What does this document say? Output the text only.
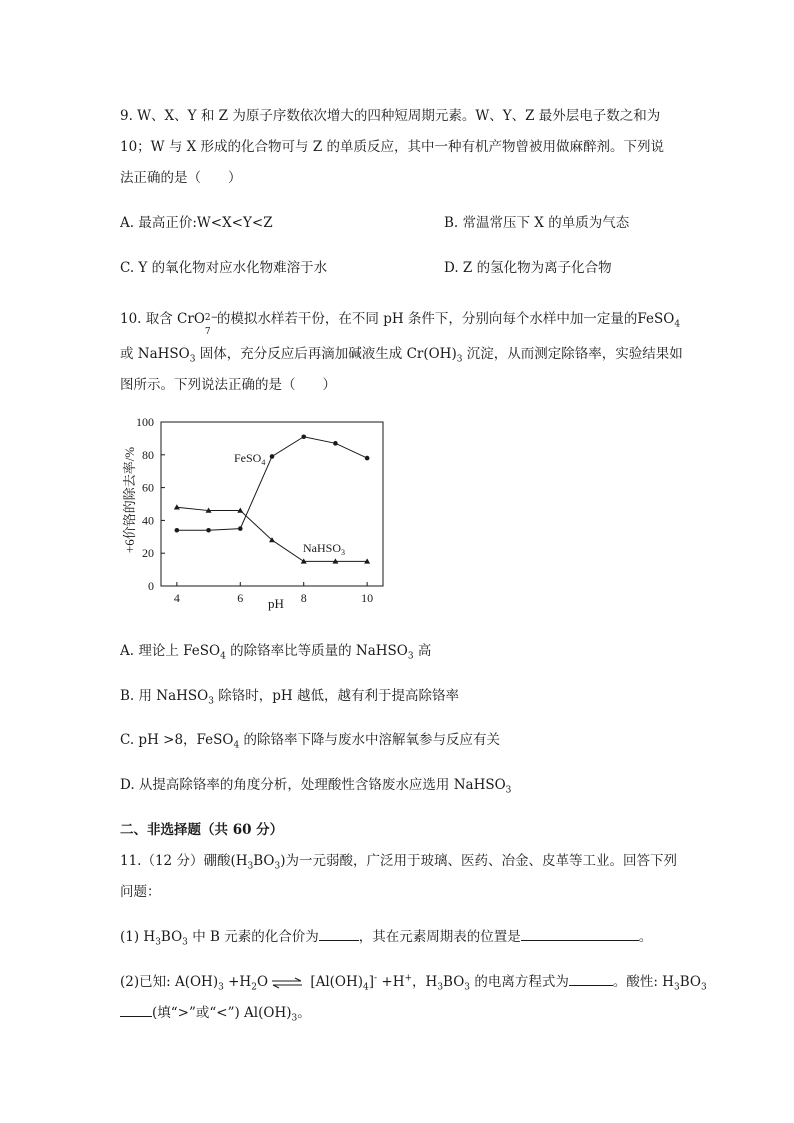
9. W、X、Y 和 Z 为原子序数依次增大的四种短周期元素。W、Y、Z 最外层电子数之和为
10；W 与 X 形成的化合物可与 Z 的单质反应，其中一种有机产物曾被用做麻醉剂。下列说
法正确的是（　　）
A. 最高正价:W<X<Y<Z	B. 常温常压下 X 的单质为气态
C. Y 的氧化物对应水化物难溶于水	D. Z 的氢化物为离子化合物
10. 取含 CrO 2−
7
的模拟水样若干份，在不同 pH 条件下，分别向每个水样中加一定量的FeSO$_4$
或 NaHSO$_3$ 固体，充分反应后再滴加碱液生成 $Cr(OH)_3$ 沉淀，从而测定除铬率，实验结果如
图所示。下列说法正确的是（　　）
0
20
40
60
80
100
4	6	8	10
FeSO$_4$
NaHSO$_3$
pH
+6价铬的除去率/%
A. 理论上 FeSO$_4$ 的除铬率比等质量的 NaHSO$_3$ 高
B. 用 NaHSO$_3$ 除铬时，pH 越低，越有利于提高除铬率
C. pH >8，FeSO$_4$ 的除铬率下降与废水中溶解氧参与反应有关
D. 从提高除铬率的角度分析，处理酸性含铬废水应选用 NaHSO$_3$
二、非选择题（共 60 分）
11.（12 分）硼酸$(H_3BO_3)$为一元弱酸，广泛用于玻璃、医药、冶金、皮革等工业。回答下列
问题：
(1) $H_3BO_3$ 中 B 元素的化合价为	，其在元素周期表的位置是	。
(2)已知: $A(OH)_3 +H_2O$ ⇌ $[Al(OH)_4]^- +H^+$，$H_3BO_3$ 的电离方程式为	。酸性: $H_3BO_3$
(填“>”或“<”) $Al(OH)_3$。
